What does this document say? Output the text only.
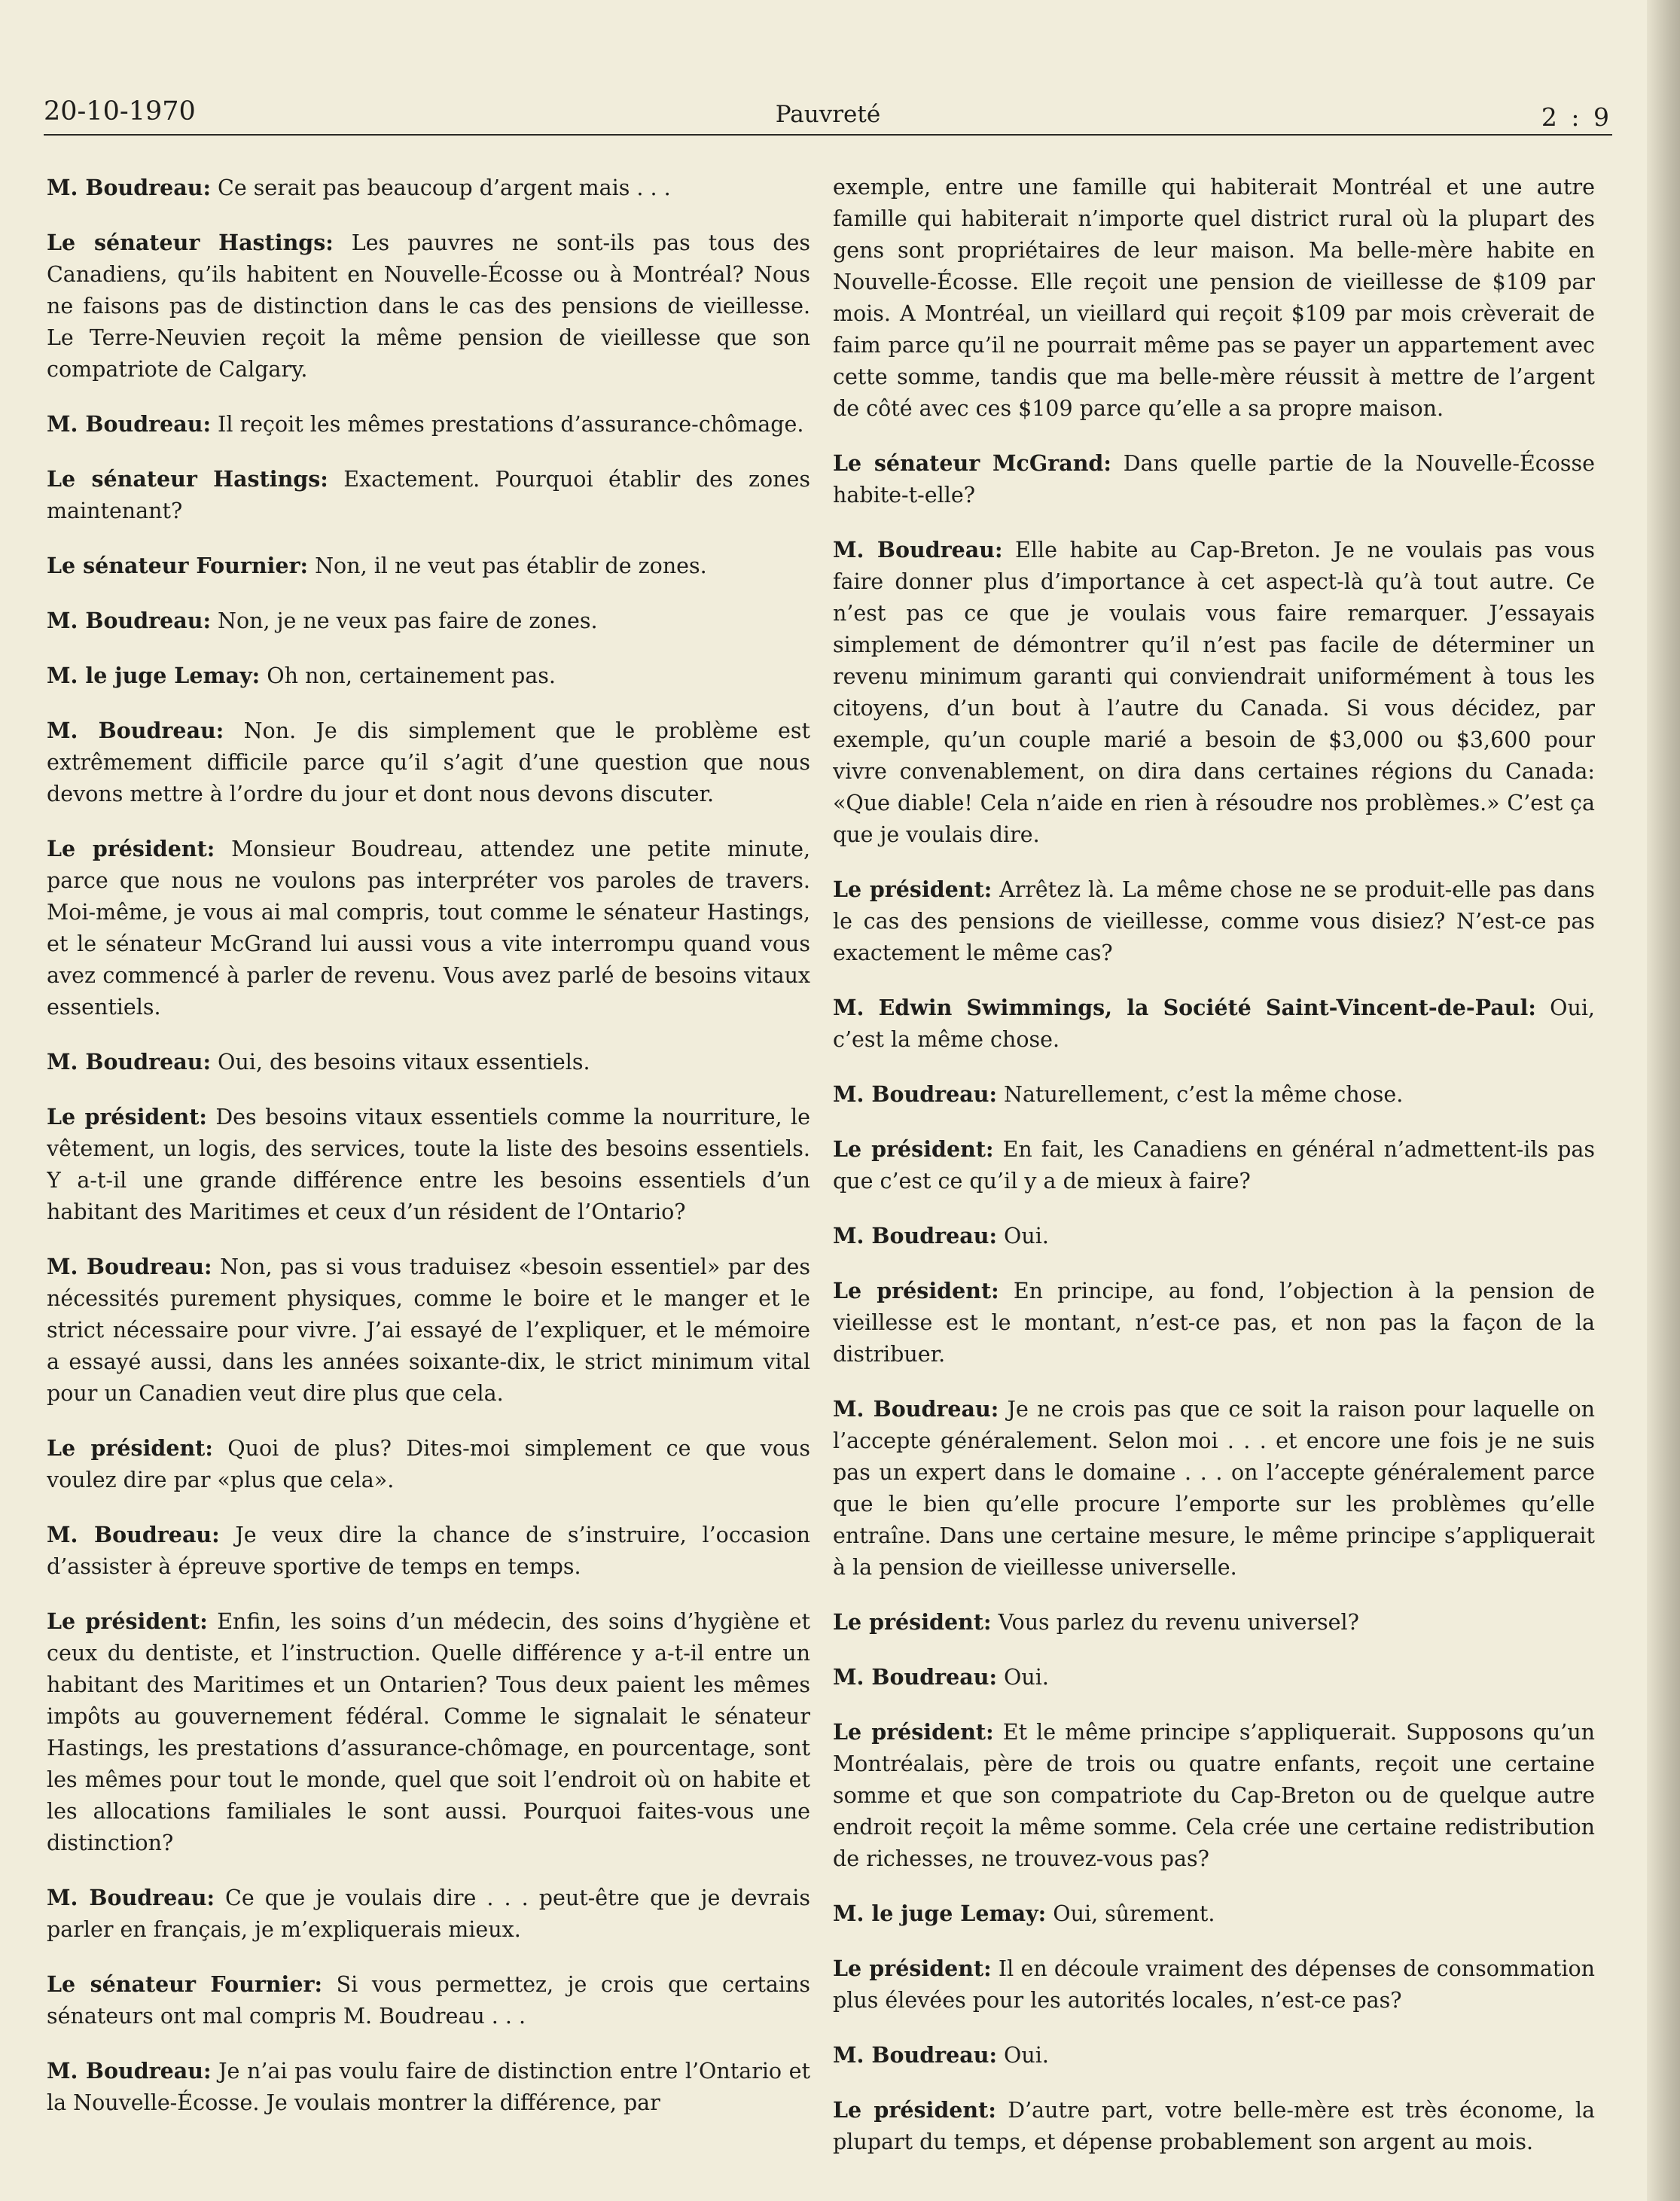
20-10-1970	Pauvreté	2 : 9

M. Boudreau: Ce serait pas beaucoup d’argent mais . . .

Le sénateur Hastings: Les pauvres ne sont-ils pas tous des Canadiens, qu’ils habitent en Nouvelle-Écosse ou à Montréal? Nous ne faisons pas de distinction dans le cas des pensions de vieillesse. Le Terre-Neuvien reçoit la même pension de vieillesse que son compatriote de Calgary.

M. Boudreau: Il reçoit les mêmes prestations d’assurance-chômage.

Le sénateur Hastings: Exactement. Pourquoi établir des zones maintenant?

Le sénateur Fournier: Non, il ne veut pas établir de zones.

M. Boudreau: Non, je ne veux pas faire de zones.

M. le juge Lemay: Oh non, certainement pas.

M. Boudreau: Non. Je dis simplement que le problème est extrêmement difficile parce qu’il s’agit d’une question que nous devons mettre à l’ordre du jour et dont nous devons discuter.

Le président: Monsieur Boudreau, attendez une petite minute, parce que nous ne voulons pas interpréter vos paroles de travers. Moi-même, je vous ai mal compris, tout comme le sénateur Hastings, et le sénateur McGrand lui aussi vous a vite interrompu quand vous avez commencé à parler de revenu. Vous avez parlé de besoins vitaux essentiels.

M. Boudreau: Oui, des besoins vitaux essentiels.

Le président: Des besoins vitaux essentiels comme la nourriture, le vêtement, un logis, des services, toute la liste des besoins essentiels. Y a-t-il une grande différence entre les besoins essentiels d’un habitant des Maritimes et ceux d’un résident de l’Ontario?

M. Boudreau: Non, pas si vous traduisez «besoin essentiel» par des nécessités purement physiques, comme le boire et le manger et le strict nécessaire pour vivre. J’ai essayé de l’expliquer, et le mémoire a essayé aussi, dans les années soixante-dix, le strict minimum vital pour un Canadien veut dire plus que cela.

Le président: Quoi de plus? Dites-moi simplement ce que vous voulez dire par «plus que cela».

M. Boudreau: Je veux dire la chance de s’instruire, l’occasion d’assister à épreuve sportive de temps en temps.

Le président: Enfin, les soins d’un médecin, des soins d’hygiène et ceux du dentiste, et l’instruction. Quelle différence y a-t-il entre un habitant des Maritimes et un Ontarien? Tous deux paient les mêmes impôts au gouvernement fédéral. Comme le signalait le sénateur Hastings, les prestations d’assurance-chômage, en pourcentage, sont les mêmes pour tout le monde, quel que soit l’endroit où on habite et les allocations familiales le sont aussi. Pourquoi faites-vous une distinction?

M. Boudreau: Ce que je voulais dire . . . peut-être que je devrais parler en français, je m’expliquerais mieux.

Le sénateur Fournier: Si vous permettez, je crois que certains sénateurs ont mal compris M. Boudreau . . .

M. Boudreau: Je n’ai pas voulu faire de distinction entre l’Ontario et la Nouvelle-Écosse. Je voulais montrer la différence, par

exemple, entre une famille qui habiterait Montréal et une autre famille qui habiterait n’importe quel district rural où la plupart des gens sont propriétaires de leur maison. Ma belle-mère habite en Nouvelle-Écosse. Elle reçoit une pension de vieillesse de $109 par mois. A Montréal, un vieillard qui reçoit $109 par mois crèverait de faim parce qu’il ne pourrait même pas se payer un appartement avec cette somme, tandis que ma belle-mère réussit à mettre de l’argent de côté avec ces $109 parce qu’elle a sa propre maison.

Le sénateur McGrand: Dans quelle partie de la Nouvelle-Écosse habite-t-elle?

M. Boudreau: Elle habite au Cap-Breton. Je ne voulais pas vous faire donner plus d’importance à cet aspect-là qu’à tout autre. Ce n’est pas ce que je voulais vous faire remarquer. J’essayais simplement de démontrer qu’il n’est pas facile de déterminer un revenu minimum garanti qui conviendrait uniformément à tous les citoyens, d’un bout à l’autre du Canada. Si vous décidez, par exemple, qu’un couple marié a besoin de $3,000 ou $3,600 pour vivre convenablement, on dira dans certaines régions du Canada: «Que diable! Cela n’aide en rien à résoudre nos problèmes.» C’est ça que je voulais dire.

Le président: Arrêtez là. La même chose ne se produit-elle pas dans le cas des pensions de vieillesse, comme vous disiez? N’est-ce pas exactement le même cas?

M. Edwin Swimmings, la Société Saint-Vincent-de-Paul: Oui, c’est la même chose.

M. Boudreau: Naturellement, c’est la même chose.

Le président: En fait, les Canadiens en général n’admettent-ils pas que c’est ce qu’il y a de mieux à faire?

M. Boudreau: Oui.

Le président: En principe, au fond, l’objection à la pension de vieillesse est le montant, n’est-ce pas, et non pas la façon de la distribuer.

M. Boudreau: Je ne crois pas que ce soit la raison pour laquelle on l’accepte généralement. Selon moi . . . et encore une fois je ne suis pas un expert dans le domaine . . . on l’accepte généralement parce que le bien qu’elle procure l’emporte sur les problèmes qu’elle entraîne. Dans une certaine mesure, le même principe s’appliquerait à la pension de vieillesse universelle.

Le président: Vous parlez du revenu universel?

M. Boudreau: Oui.

Le président: Et le même principe s’appliquerait. Supposons qu’un Montréalais, père de trois ou quatre enfants, reçoit une certaine somme et que son compatriote du Cap-Breton ou de quelque autre endroit reçoit la même somme. Cela crée une certaine redistribution de richesses, ne trouvez-vous pas?

M. le juge Lemay: Oui, sûrement.

Le président: Il en découle vraiment des dépenses de consommation plus élevées pour les autorités locales, n’est-ce pas?

M. Boudreau: Oui.

Le président: D’autre part, votre belle-mère est très économe, la plupart du temps, et dépense probablement son argent au mois.
